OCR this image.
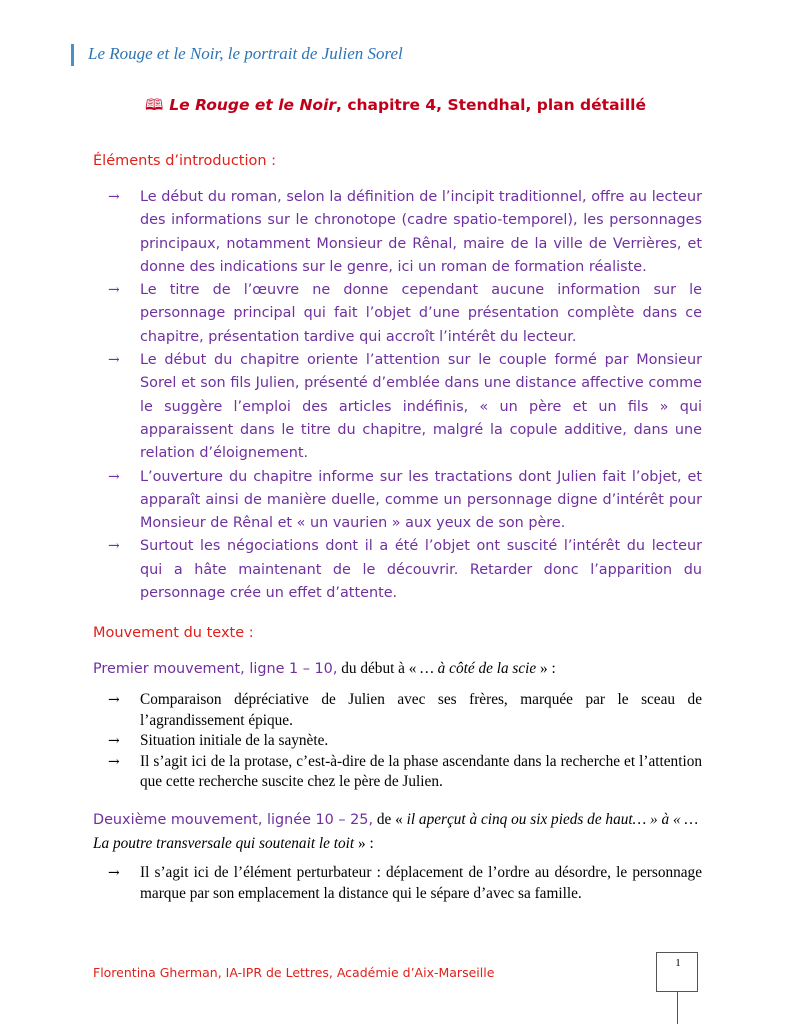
Le Rouge et le Noir, le portrait de Julien Sorel
🕮 Le Rouge et le Noir, chapitre 4, Stendhal, plan détaillé
Éléments d’introduction :
→ Le début du roman, selon la définition de l’incipit traditionnel, offre au lecteur des informations sur le chronotope (cadre spatio-temporel), les personnages principaux, notamment Monsieur de Rênal, maire de la ville de Verrières, et donne des indications sur le genre, ici un roman de formation réaliste.
→ Le titre de l’œuvre ne donne cependant aucune information sur le personnage principal qui fait l’objet d’une présentation complète dans ce chapitre, présentation tardive qui accroît l’intérêt du lecteur.
→ Le début du chapitre oriente l’attention sur le couple formé par Monsieur Sorel et son fils Julien, présenté d’emblée dans une distance affective comme le suggère l’emploi des articles indéfinis, « un père et un fils » qui apparaissent dans le titre du chapitre, malgré la copule additive, dans une relation d’éloignement.
→ L’ouverture du chapitre informe sur les tractations dont Julien fait l’objet, et apparaît ainsi de manière duelle, comme un personnage digne d’intérêt pour Monsieur de Rênal et « un vaurien » aux yeux de son père.
→ Surtout les négociations dont il a été l’objet ont suscité l’intérêt du lecteur qui a hâte maintenant de le découvrir. Retarder donc l’apparition du personnage crée un effet d’attente.
Mouvement du texte :
Premier mouvement, ligne 1 – 10, du début à « … à côté de la scie » :
→ Comparaison dépréciative de Julien avec ses frères, marquée par le sceau de l’agrandissement épique.
→ Situation initiale de la saynète.
→ Il s’agit ici de la protase, c’est-à-dire de la phase ascendante dans la recherche et l’attention que cette recherche suscite chez le père de Julien.
Deuxième mouvement, lignée 10 – 25, de « il aperçut à cinq ou six pieds de haut… » à « …
La poutre transversale qui soutenait le toit » :
→ Il s’agit ici de l’élément perturbateur : déplacement de l’ordre au désordre, le personnage marque par son emplacement la distance qui le sépare d’avec sa famille.
Florentina Gherman, IA-IPR de Lettres, Académie d’Aix-Marseille
1
